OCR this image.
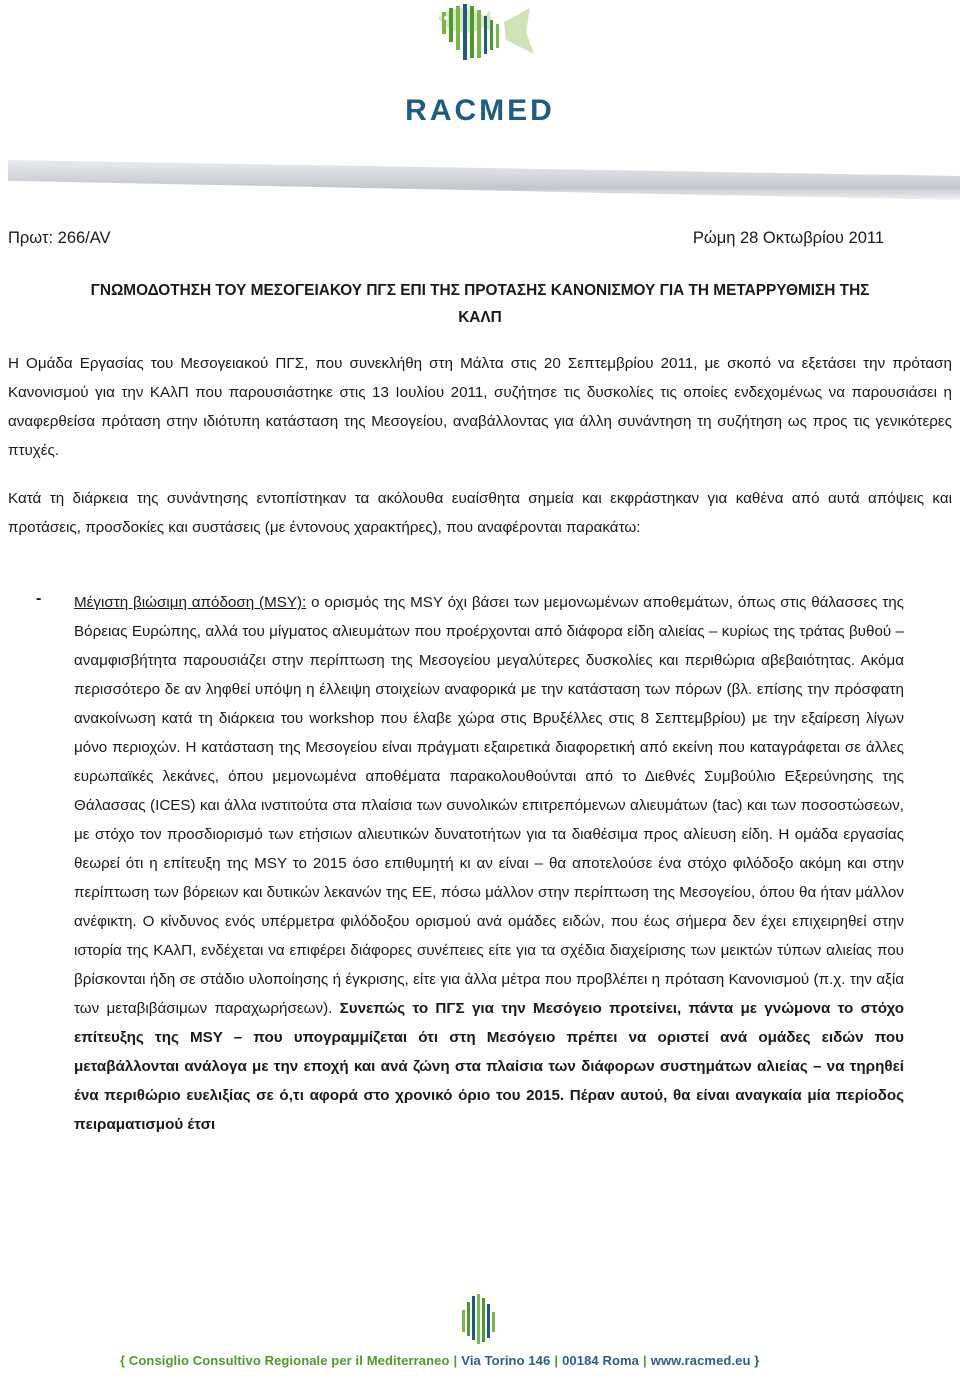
RACMED
Πρωτ: 266/AV	Ρώμη 28 Οκτωβρίου 2011
ΓΝΩΜΟΔΟΤΗΣΗ ΤΟΥ ΜΕΣΟΓΕΙΑΚΟΥ ΠΓΣ ΕΠΙ ΤΗΣ ΠΡΟΤΑΣΗΣ ΚΑΝΟΝΙΣΜΟΥ ΓΙΑ ΤΗ ΜΕΤΑΡΡΥΘΜΙΣΗ ΤΗΣ
ΚΑΛΠ

Η Ομάδα Εργασίας του Μεσογειακού ΠΓΣ, που συνεκλήθη στη Μάλτα στις 20 Σεπτεμβρίου 2011, με σκοπό να εξετάσει την πρόταση Κανονισμού για την ΚΑλΠ που παρουσιάστηκε στις 13 Ιουλίου 2011, συζήτησε τις δυσκολίες τις οποίες ενδεχομένως να παρουσιάσει η αναφερθείσα πρόταση στην ιδιότυπη κατάσταση της Μεσογείου, αναβάλλοντας για άλλη συνάντηση τη συζήτηση ως προς τις γενικότερες πτυχές.

Κατά τη διάρκεια της συνάντησης εντοπίστηκαν τα ακόλουθα ευαίσθητα σημεία και εκφράστηκαν για καθένα από αυτά απόψεις και προτάσεις, προσδοκίες και συστάσεις (με έντονους χαρακτήρες), που αναφέρονται παρακάτω:

- Μέγιστη βιώσιμη απόδοση (MSY): ο ορισμός της MSY όχι βάσει των μεμονωμένων αποθεμάτων, όπως στις θάλασσες της Βόρειας Ευρώπης, αλλά του μίγματος αλιευμάτων που προέρχονται από διάφορα είδη αλιείας – κυρίως της τράτας βυθού – αναμφισβήτητα παρουσιάζει στην περίπτωση της Μεσογείου μεγαλύτερες δυσκολίες και περιθώρια αβεβαιότητας. Ακόμα περισσότερο δε αν ληφθεί υπόψη η έλλειψη στοιχείων αναφορικά με την κατάσταση των πόρων (βλ. επίσης την πρόσφατη ανακοίνωση κατά τη διάρκεια του workshop που έλαβε χώρα στις Βρυξέλλες στις 8 Σεπτεμβρίου) με την εξαίρεση λίγων μόνο περιοχών. Η κατάσταση της Μεσογείου είναι πράγματι εξαιρετικά διαφορετική από εκείνη που καταγράφεται σε άλλες ευρωπαϊκές λεκάνες, όπου μεμονωμένα αποθέματα παρακολουθούνται από το Διεθνές Συμβούλιο Εξερεύνησης της Θάλασσας (ICES) και άλλα ινστιτούτα στα πλαίσια των συνολικών επιτρεπόμενων αλιευμάτων (tac) και των ποσοστώσεων, με στόχο τον προσδιορισμό των ετήσιων αλιευτικών δυνατοτήτων για τα διαθέσιμα προς αλίευση είδη. Η ομάδα εργασίας θεωρεί ότι η επίτευξη της MSY το 2015 όσο επιθυμητή κι αν είναι – θα αποτελούσε ένα στόχο φιλόδοξο ακόμη και στην περίπτωση των βόρειων και δυτικών λεκανών της ΕΕ, πόσω μάλλον στην περίπτωση της Μεσογείου, όπου θα ήταν μάλλον ανέφικτη. Ο κίνδυνος ενός υπέρμετρα φιλόδοξου ορισμού ανά ομάδες ειδών, που έως σήμερα δεν έχει επιχειρηθεί στην ιστορία της ΚΑλΠ, ενδέχεται να επιφέρει διάφορες συνέπειες είτε για τα σχέδια διαχείρισης των μεικτών τύπων αλιείας που βρίσκονται ήδη σε στάδιο υλοποίησης ή έγκρισης, είτε για άλλα μέτρα που προβλέπει η πρόταση Κανονισμού (π.χ. την αξία των μεταβιβάσιμων παραχωρήσεων). Συνεπώς το ΠΓΣ για την Μεσόγειο προτείνει, πάντα με γνώμονα το στόχο επίτευξης της MSY – που υπογραμμίζεται ότι στη Μεσόγειο πρέπει να οριστεί ανά ομάδες ειδών που μεταβάλλονται ανάλογα με την εποχή και ανά ζώνη στα πλαίσια των διάφορων συστημάτων αλιείας – να τηρηθεί ένα περιθώριο ευελιξίας σε ό,τι αφορά στο χρονικό όριο του 2015. Πέραν αυτού, θα είναι αναγκαία μία περίοδος πειραματισμού έτσι

{ Consiglio Consultivo Regionale per il Mediterraneo | Via Torino 146 | 00184 Roma | www.racmed.eu }
